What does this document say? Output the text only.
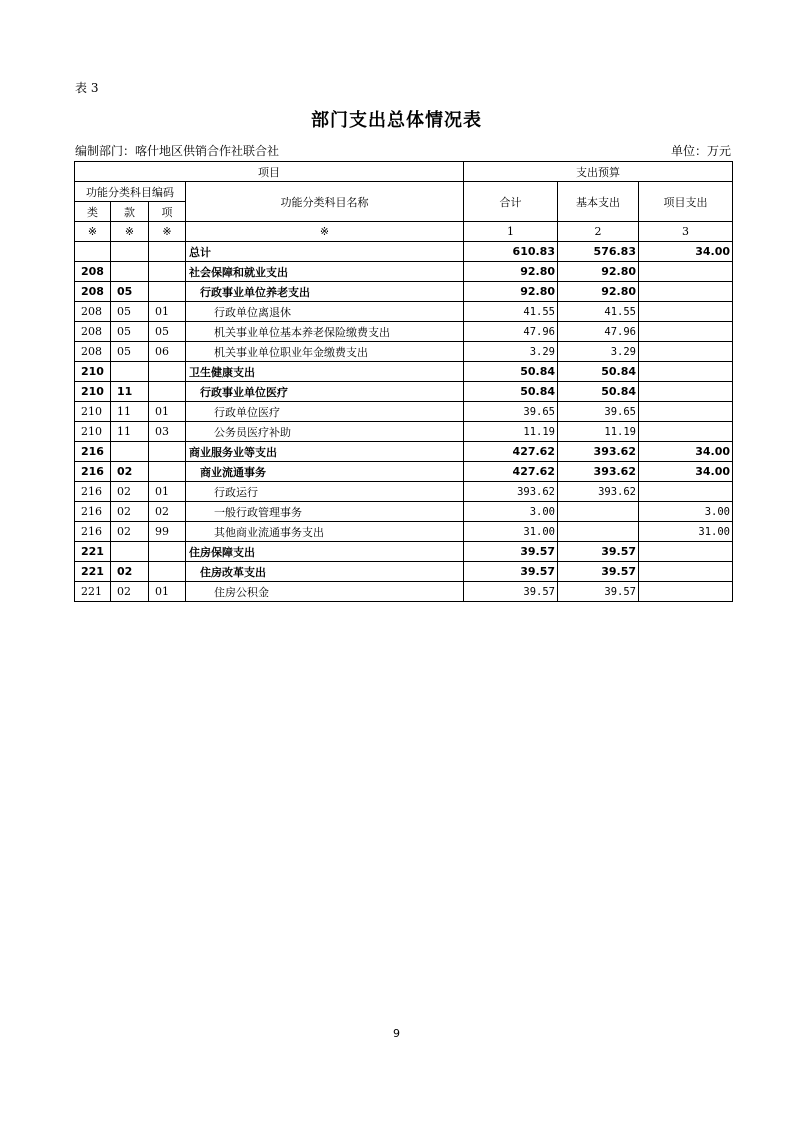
表 3
部门支出总体情况表
编制部门：喀什地区供销合作社联合社	单位：万元
项目				支出预算		
功能分类科目编码			功能分类科目名称	合计	基本支出	项目支出
类	款	项				
※	※	※	※	1	2	3
			总计	610.83	576.83	34.00
208			社会保障和就业支出	92.80	92.80	
208	05		行政事业单位养老支出	92.80	92.80	
208	05	01	行政单位离退休	41.55	41.55	
208	05	05	机关事业单位基本养老保险缴费支出	47.96	47.96	
208	05	06	机关事业单位职业年金缴费支出	3.29	3.29	
210			卫生健康支出	50.84	50.84	
210	11		行政事业单位医疗	50.84	50.84	
210	11	01	行政单位医疗	39.65	39.65	
210	11	03	公务员医疗补助	11.19	11.19	
216			商业服务业等支出	427.62	393.62	34.00
216	02		商业流通事务	427.62	393.62	34.00
216	02	01	行政运行	393.62	393.62	
216	02	02	一般行政管理事务	3.00		3.00
216	02	99	其他商业流通事务支出	31.00		31.00
221			住房保障支出	39.57	39.57	
221	02		住房改革支出	39.57	39.57	
221	02	01	住房公积金	39.57	39.57	
9
